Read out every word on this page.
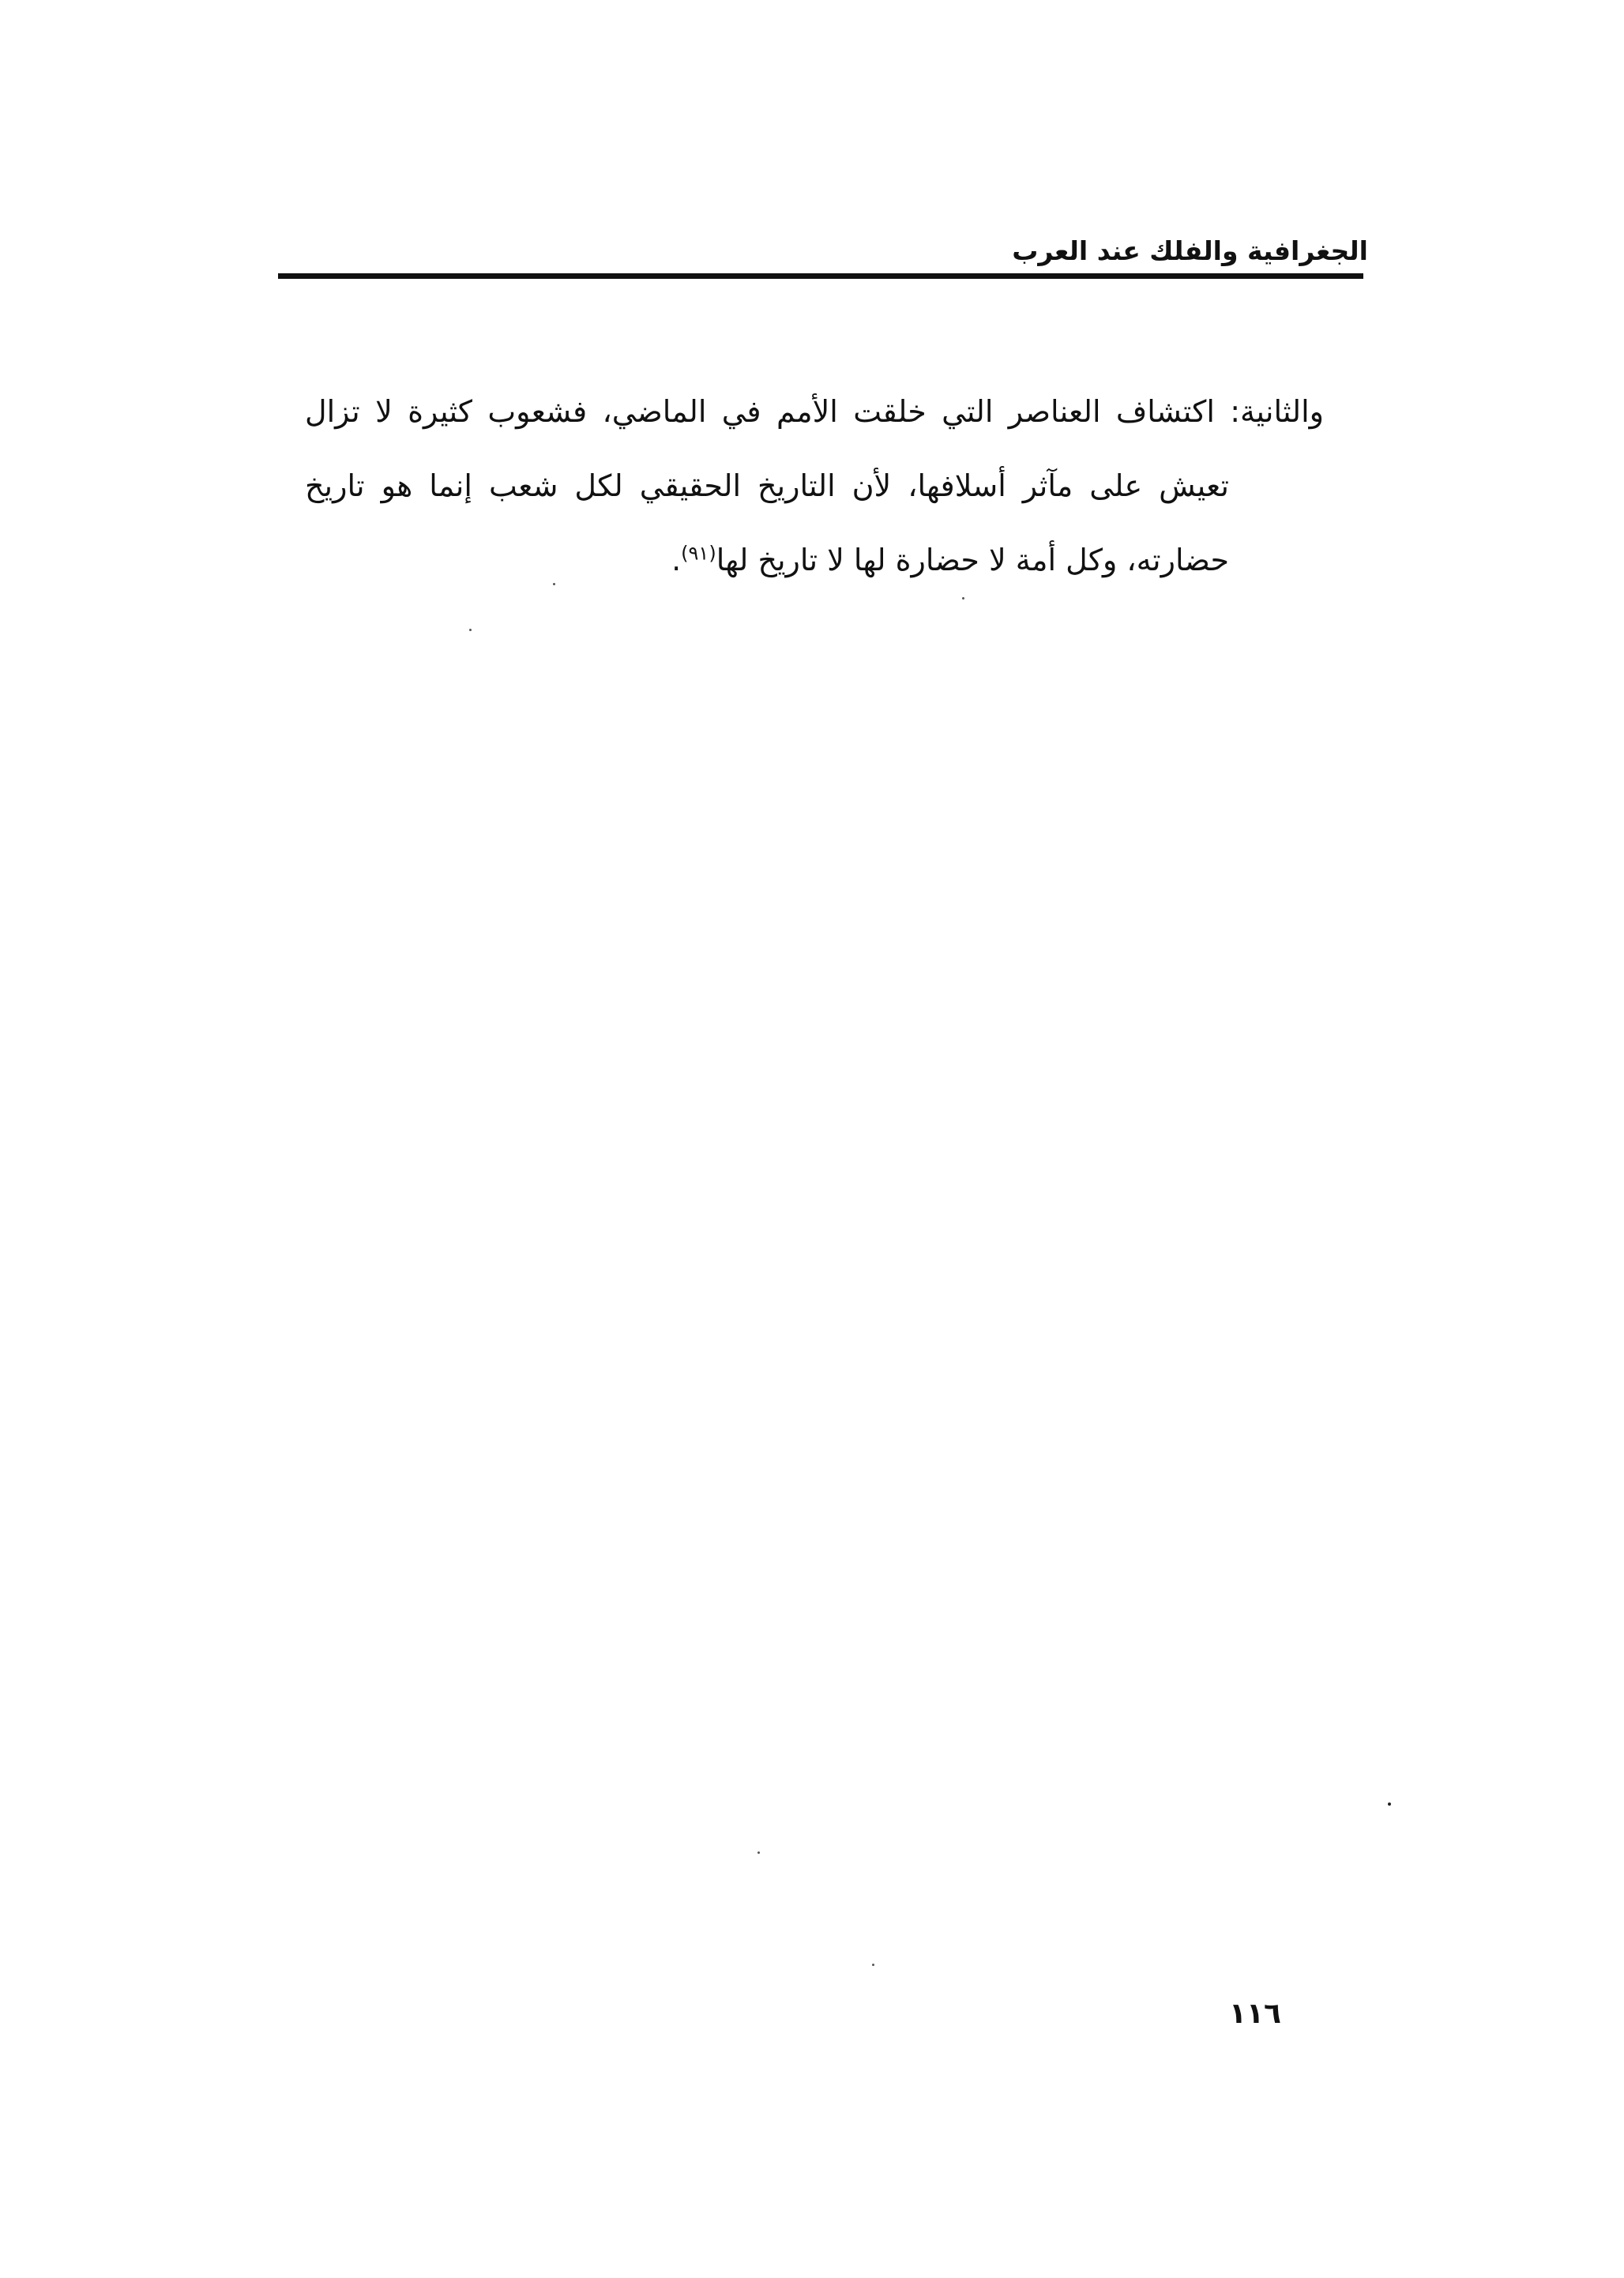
الجغرافية والفلك عند العرب
والثانية: اكتشاف العناصر التي خلقت الأمم في الماضي، فشعوب كثيرة لا تزال
تعيش على مآثر أسلافها، لأن التاريخ الحقيقي لكل شعب إنما هو تاريخ
حضارته، وكل أمة لا حضارة لها لا تاريخ لها$^{(٩١)}$.
١١٦
